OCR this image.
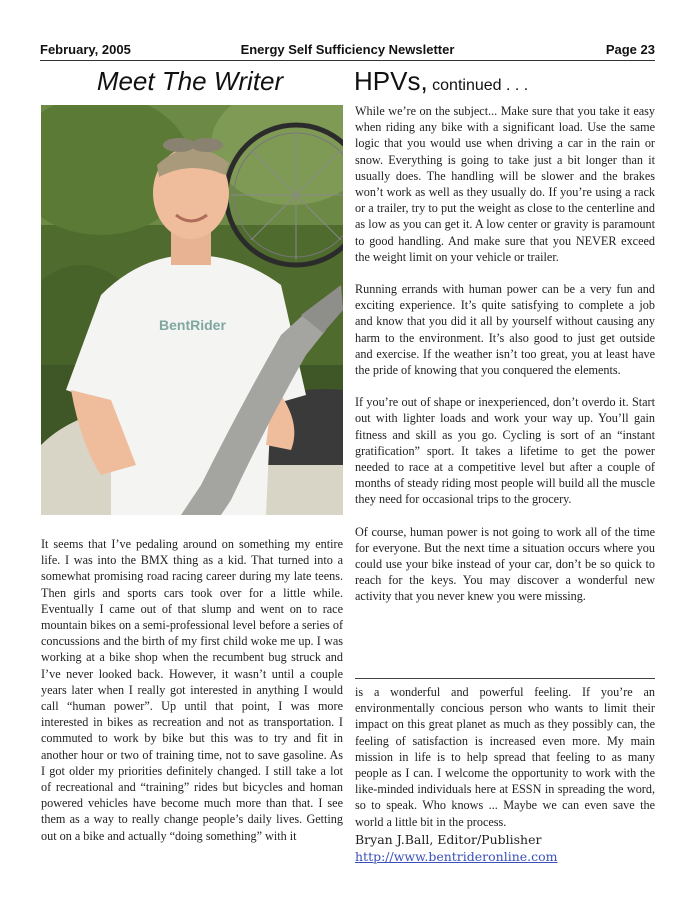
Energy Self Sufficiency Newsletter
February, 2005	Page 23
Meet The Writer	HPVs, continued . . .
BentRider
It seems that I’ve pedaling around on something my entire life. I was into the BMX thing as a kid. That turned into a somewhat promising road racing career during my late teens. Then girls and sports cars took over for a little while. Eventually I came out of that slump and went on to race mountain bikes on a semi-professional level before a series of concussions and the birth of my first child woke me up. I was working at a bike shop when the recumbent bug struck and I’ve never looked back. However, it wasn’t until a couple years later when I really got interested in anything I would call “human power”. Up until that point, I was more interested in bikes as recreation and not as transportation. I commuted to work by bike but this was to try and fit in another hour or two of training time, not to save gasoline. As I got older my priorities definitely changed. I still take a lot of recreational and “training” rides but bicycles and homan powered vehicles have become much more than that. I see them as a way to really change people’s daily lives. Getting out on a bike and actually “doing something” with it

While we’re on the subject... Make sure that you take it easy when riding any bike with a significant load. Use the same logic that you would use when driving a car in the rain or snow. Everything is going to take just a bit longer than it usually does. The handling will be slower and the brakes won’t work as well as they usually do. If you’re using a rack or a trailer, try to put the weight as close to the centerline and as low as you can get it. A low center or gravity is paramount to good handling. And make sure that you NEVER exceed the weight limit on your vehicle or trailer.

Running errands with human power can be a very fun and exciting experience. It’s quite satisfying to complete a job and know that you did it all by yourself without causing any harm to the environment. It’s also good to just get outside and exercise. If the weather isn’t too great, you at least have the pride of knowing that you conquered the elements.

If you’re out of shape or inexperienced, don’t overdo it. Start out with lighter loads and work your way up. You’ll gain fitness and skill as you go. Cycling is sort of an “instant gratification” sport. It takes a lifetime to get the power needed to race at a competitive level but after a couple of months of steady riding most people will build all the muscle they need for occasional trips to the grocery.

Of course, human power is not going to work all of the time for everyone. But the next time a situation occurs where you could use your bike instead of your car, don’t be so quick to reach for the keys. You may discover a wonderful new activity that you never knew you were missing.

is a wonderful and powerful feeling. If you’re an environmentally concious person who wants to limit their impact on this great planet as much as they possibly can, the feeling of satisfaction is increased even more. My main mission in life is to help spread that feeling to as many people as I can. I welcome the opportunity to work with the like-minded individuals here at ESSN in spreading the word, so to speak. Who knows ... Maybe we can even save the world a little bit in the process.
Bryan J.Ball, Editor/Publisher
http://www.bentrideronline.com
